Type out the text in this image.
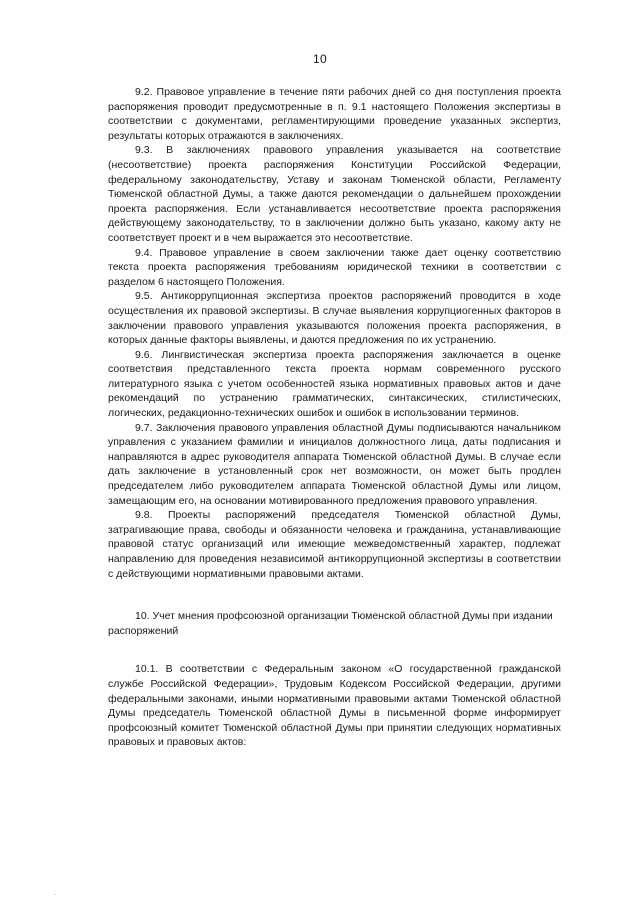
10

9.2. Правовое управление в течение пяти рабочих дней со дня поступления проекта распоряжения проводит предусмотренные в п. 9.1 настоящего Положения экспертизы в соответствии с документами, регламентирующими проведение указанных экспертиз, результаты которых отражаются в заключениях.

9.3. В заключениях правового управления указывается на соответствие (несоответствие) проекта распоряжения Конституции Российской Федерации, федеральному законодательству, Уставу и законам Тюменской области, Регламенту Тюменской областной Думы, а также даются рекомендации о дальнейшем прохождении проекта распоряжения. Если устанавливается несоответствие проекта распоряжения действующему законодательству, то в заключении должно быть указано, какому акту не соответствует проект и в чем выражается это несоответствие.

9.4. Правовое управление в своем заключении также дает оценку соответствию текста проекта распоряжения требованиям юридической техники в соответствии с разделом 6 настоящего Положения.

9.5. Антикоррупционная экспертиза проектов распоряжений проводится в ходе осуществления их правовой экспертизы. В случае выявления коррупциогенных факторов в заключении правового управления указываются положения проекта распоряжения, в которых данные факторы выявлены, и даются предложения по их устранению.

9.6. Лингвистическая экспертиза проекта распоряжения заключается в оценке соответствия представленного текста проекта нормам современного русского литературного языка с учетом особенностей языка нормативных правовых актов и даче рекомендаций по устранению грамматических, синтаксических, стилистических, логических, редакционно-технических ошибок и ошибок в использовании терминов.

9.7. Заключения правового управления областной Думы подписываются начальником управления с указанием фамилии и инициалов должностного лица, даты подписания и направляются в адрес руководителя аппарата Тюменской областной Думы. В случае если дать заключение в установленный срок нет возможности, он может быть продлен председателем либо руководителем аппарата Тюменской областной Думы или лицом, замещающим его, на основании мотивированного предложения правового управления.

9.8. Проекты распоряжений председателя Тюменской областной Думы, затрагивающие права, свободы и обязанности человека и гражданина, устанавливающие правовой статус организаций или имеющие межведомственный характер, подлежат направлению для проведения независимой антикоррупционной экспертизы в соответствии с действующими нормативными правовыми актами.

10. Учет мнения профсоюзной организации Тюменской областной Думы при издании распоряжений

10.1. В соответствии с Федеральным законом «О государственной гражданской службе Российской Федерации», Трудовым Кодексом Российской Федерации, другими федеральными законами, иными нормативными правовыми актами Тюменской областной Думы председатель Тюменской областной Думы в письменной форме информирует профсоюзный комитет Тюменской областной Думы при принятии следующих нормативных правовых и правовых актов:

.
